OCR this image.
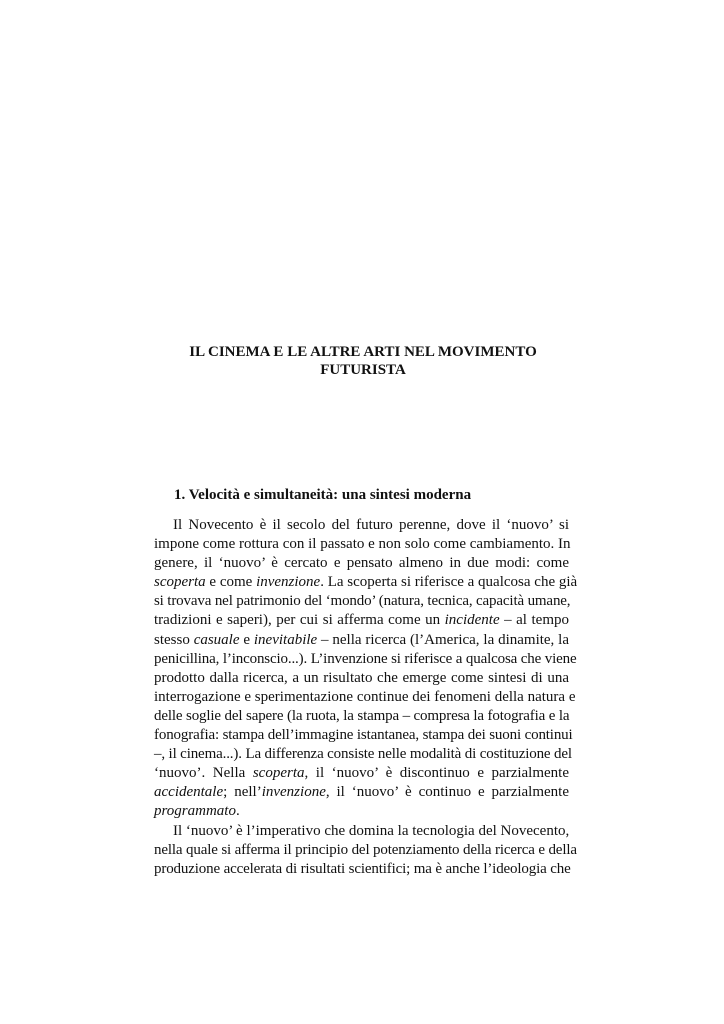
IL CINEMA E LE ALTRE ARTI NEL MOVIMENTO
FUTURISTA
1. Velocità e simultaneità: una sintesi moderna
Il Novecento è il secolo del futuro perenne, dove il ‘nuovo’ si
impone come rottura con il passato e non solo come cambiamento. In
genere, il ‘nuovo’ è cercato e pensato almeno in due modi: come
scoperta e come invenzione. La scoperta si riferisce a qualcosa che già
si trovava nel patrimonio del ‘mondo’ (natura, tecnica, capacità umane,
tradizioni e saperi), per cui si afferma come un incidente – al tempo
stesso casuale e inevitabile – nella ricerca (l’America, la dinamite, la
penicillina, l’inconscio...). L’invenzione si riferisce a qualcosa che viene
prodotto dalla ricerca, a un risultato che emerge come sintesi di una
interrogazione e sperimentazione continue dei fenomeni della natura e
delle soglie del sapere (la ruota, la stampa – compresa la fotografia e la
fonografia: stampa dell’immagine istantanea, stampa dei suoni continui
–, il cinema...). La differenza consiste nelle modalità di costituzione del
‘nuovo’. Nella scoperta, il ‘nuovo’ è discontinuo e parzialmente
accidentale; nell’invenzione, il ‘nuovo’ è continuo e parzialmente
programmato.
Il ‘nuovo’ è l’imperativo che domina la tecnologia del Novecento,
nella quale si afferma il principio del potenziamento della ricerca e della
produzione accelerata di risultati scientifici; ma è anche l’ideologia che
